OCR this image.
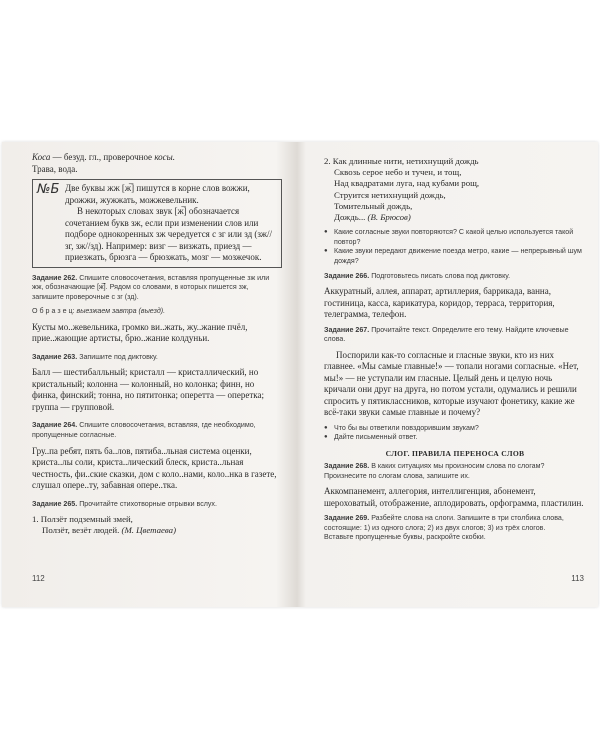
Коса — безуд. гл., проверочное косы.
Трава, вода.
№Б Две буквы жж [ж̅] пишутся в корне слов вожжи, дрожжи, жужжать, можжевельник.

В некоторых словах звук [ж̅] обозначается сочетанием букв зж, если при изменении слов или подборе однокоренных зж чередуется с зг или зд (зж//зг, зж//зд). Например: визг — визжать, приезд — приезжать, брюзга — брюзжать, мозг — мозжечок.

Задание 262. Спишите словосочетания, вставляя пропущенные зж или жж, обозначающие [ж̅]. Рядом со словами, в которых пишется зж, запишите проверочные с зг (зд).

О б р а з е ц: выезжаем завтра (выезд).

Кусты мо..жевельника, громко ви..жать, жу..жание пчёл, прие..жающие артисты, брю..жание колдуньи.

Задание 263. Запишите под диктовку.

Балл — шестибалльный; кристалл — кристаллический, но кристальный; колонна — колонный, но колонка; финн, но финка, финский; тонна, но пятитонка; оперетта — оперетка; группа — групповой.

Задание 264. Спишите словосочетания, вставляя, где необходимо, пропущенные согласные.

Гру..па ребят, пять ба..лов, пятиба..льная система оценки, криста..лы соли, криста..лический блеск, криста..льная честность, фи..ские сказки, дом с коло..нами, коло..нка в газете, слушал опере..ту, забавная опере..тка.

Задание 265. Прочитайте стихотворные отрывки вслух.

1. Ползёт подземный змей,

Ползёт, везёт людей. (М. Цветаева)

112

2. Как длинные нити, нетихнущий дождь

Сквозь серое небо и тучен, и тощ,

Над квадратами луга, над кубами рощ,

Струится нетихнущий дождь,

Томительный дождь,

Дождь... (В. Брюсов)

● Какие согласные звуки повторяются? С какой целью используется такой повтор?

● Какие звуки передают движение поезда метро, какие — непрерывный шум дождя?

Задание 266. Подготовьтесь писать слова под диктовку.

Аккуратный, аллея, аппарат, артиллерия, баррикада, ванна, гостиница, касса, карикатура, коридор, терраса, территория, телеграмма, телефон.

Задание 267. Прочитайте текст. Определите его тему. Найдите ключевые слова.

Поспорили как-то согласные и гласные звуки, кто из них главнее. «Мы самые главные!» — топали ногами согласные. «Нет, мы!» — не уступали им гласные. Целый день и целую ночь кричали они друг на друга, но потом устали, одумались и решили спросить у пятиклассников, которые изучают фонетику, какие же всё-таки звуки самые главные и почему?

● Что бы вы ответили повздорившим звукам?

● Дайте письменный ответ.

СЛОГ. ПРАВИЛА ПЕРЕНОСА СЛОВ

Задание 268. В каких ситуациях мы произносим слова по слогам? Произнесите по слогам слова, запишите их.

Аккомпанемент, аллегория, интеллигенция, абонемент, шероховатый, отображение, аплодировать, орфограмма, пластилин.

Задание 269. Разбейте слова на слоги. Запишите в три столбика слова, состоящие: 1) из одного слога; 2) из двух слогов; 3) из трёх слогов.

Вставьте пропущенные буквы, раскройте скобки.

113
